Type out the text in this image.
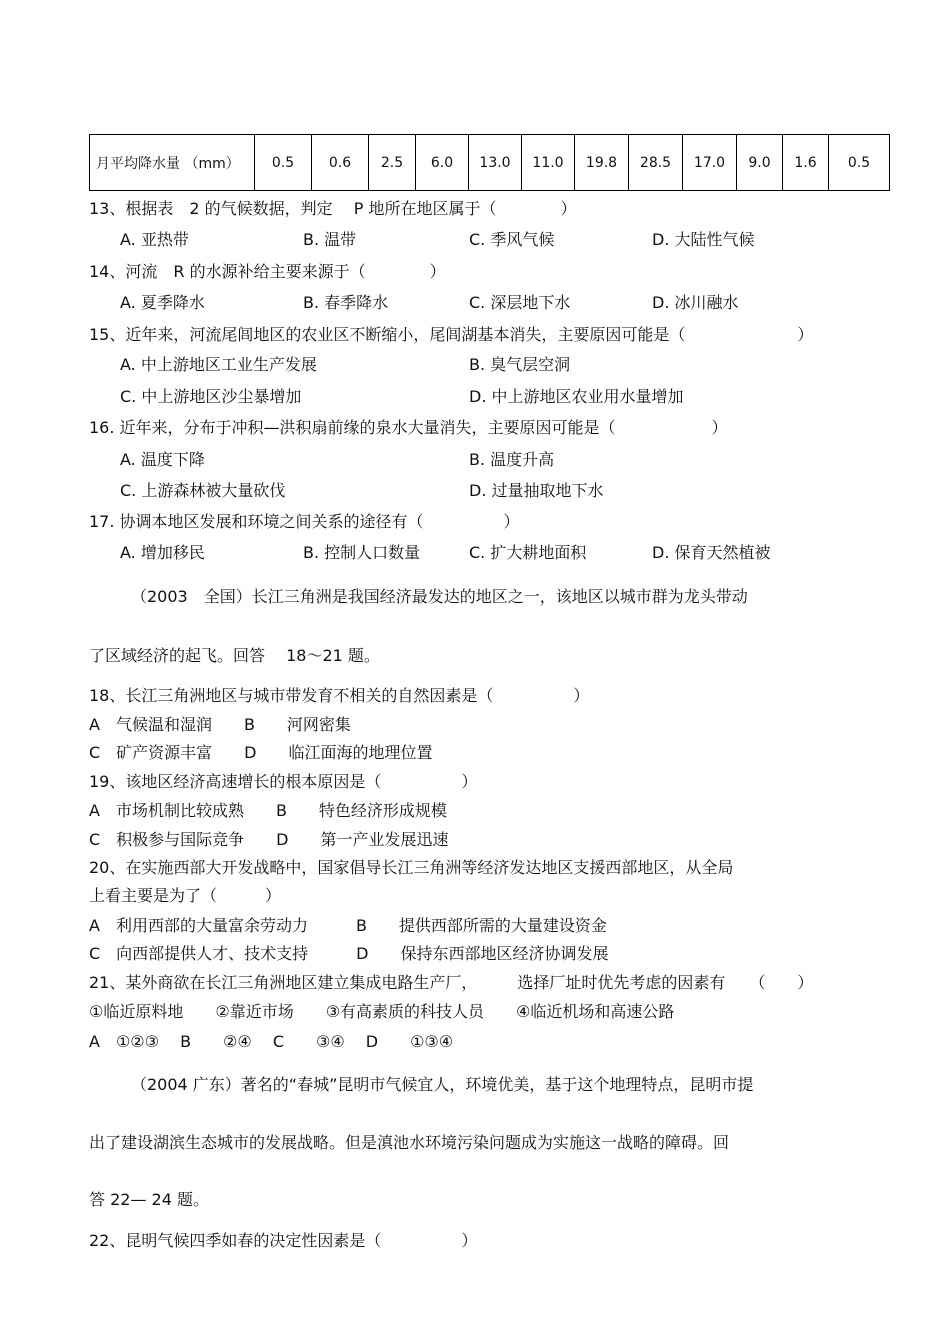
月平均降水量 （mm）	0.5	0.6	2.5	6.0	13.0	11.0	19.8	28.5	17.0	9.0	1.6	0.5
13、根据表　2 的气候数据，判定　 P 地所在地区属于（　　　　）
A. 亚热带	B. 温带	C. 季风气候	D. 大陆性气候
14、河流　R 的水源补给主要来源于（　　　　）
A. 夏季降水	B. 春季降水	C. 深层地下水	D. 冰川融水
15、近年来，河流尾闾地区的农业区不断缩小，尾闾湖基本消失，主要原因可能是（　　　　　　　）
A. 中上游地区工业生产发展	B. 臭气层空洞
C. 中上游地区沙尘暴增加	D. 中上游地区农业用水量增加
16. 近年来，分布于冲积—洪积扇前缘的泉水大量消失，主要原因可能是（　　　　　　）
A. 温度下降	B. 温度升高
C. 上游森林被大量砍伐	D. 过量抽取地下水
17. 协调本地区发展和环境之间关系的途径有（　　　　　）
A. 增加移民	B. 控制人口数量	C. 扩大耕地面积	D. 保育天然植被
（2003　全国）长江三角洲是我国经济最发达的地区之一，该地区以城市群为龙头带动
了区域经济的起飞。回答　 18～21 题。
18、长江三角洲地区与城市带发育不相关的自然因素是（　　　　　）
A　气候温和湿润　　B　　河网密集
C　矿产资源丰富　　D　　临江面海的地理位置
19、该地区经济高速增长的根本原因是（　　　　　）
A　市场机制比较成熟　　B　　特色经济形成规模
C　积极参与国际竞争　　D　　第一产业发展迅速
20、在实施西部大开发战略中，国家倡导长江三角洲等经济发达地区支援西部地区，从全局
上看主要是为了（　　　）
A　利用西部的大量富余劳动力　　　B　　提供西部所需的大量建设资金
C　向西部提供人才、技术支持　　　D　　保持东西部地区经济协调发展
21、某外商欲在长江三角洲地区建立集成电路生产厂，　　　选择厂址时优先考虑的因素有　　（　　）
①临近原料地　　②靠近市场　　③有高素质的科技人员　　④临近机场和高速公路
A　①②③　 B　　②④　 C　　③④　 D　　①③④
（2004 广东）著名的“春城”昆明市气候宜人，环境优美，基于这个地理特点，昆明市提
出了建设湖滨生态城市的发展战略。但是滇池水环境污染问题成为实施这一战略的障碍。回
答 22— 24 题。
22、昆明气候四季如春的决定性因素是（　　　　　）
